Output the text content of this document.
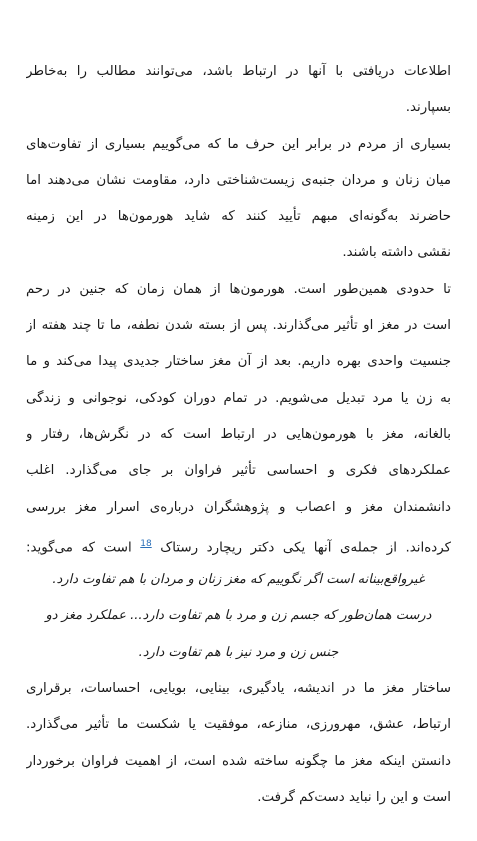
اطلاعات دریافتی با آنها در ارتباط باشد، می‌توانند مطالب را به‌خاطر
بسپارند.
بسیاری از مردم در برابر این حرف ما که می‌گوییم بسیاری از تفاوت‌های
میان زنان و مردان جنبه‌ی زیست‌شناختی دارد، مقاومت نشان می‌دهند اما
حاضرند به‌گونه‌ای مبهم تأیید کنند که شاید هورمون‌ها در این زمینه
نقشی داشته باشند.
تا حدودی همین‌طور است. هورمون‌ها از همان زمان که جنین در رحم
است در مغز او تأثیر می‌گذارند. پس از بسته شدن نطفه، ما تا چند هفته از
جنسیت واحدی بهره داریم. بعد از آن مغز ساختار جدیدی پیدا می‌کند و ما
به زن یا مرد تبدیل می‌شویم. در تمام دوران کودکی، نوجوانی و زندگی
بالغانه، مغز با هورمون‌هایی در ارتباط است که در نگرش‌ها، رفتار و
عملکردهای فکری و احساسی تأثیر فراوان بر جای می‌گذارد. اغلب
دانشمندان مغز و اعصاب و پژوهشگران درباره‌ی اسرار مغز بررسی
کرده‌اند. از جمله‌ی آنها یکی دکتر ریچارد رستاک $^{18}$ است که می‌گوید:
غیرواقع‌بینانه است اگر نگوییم که مغز زنان و مردان با هم تفاوت دارد.
درست همان‌طور که جسم زن و مرد با هم تفاوت دارد... عملکرد مغز دو
جنس زن و مرد نیز با هم تفاوت دارد.
ساختار مغز ما در اندیشه، یادگیری، بینایی، بویایی، احساسات، برقراری
ارتباط، عشق، مهرورزی، منازعه، موفقیت یا شکست ما تأثیر می‌گذارد.
دانستن اینکه مغز ما چگونه ساخته شده است، از اهمیت فراوان برخوردار
است و این را نباید دست‌کم گرفت.
